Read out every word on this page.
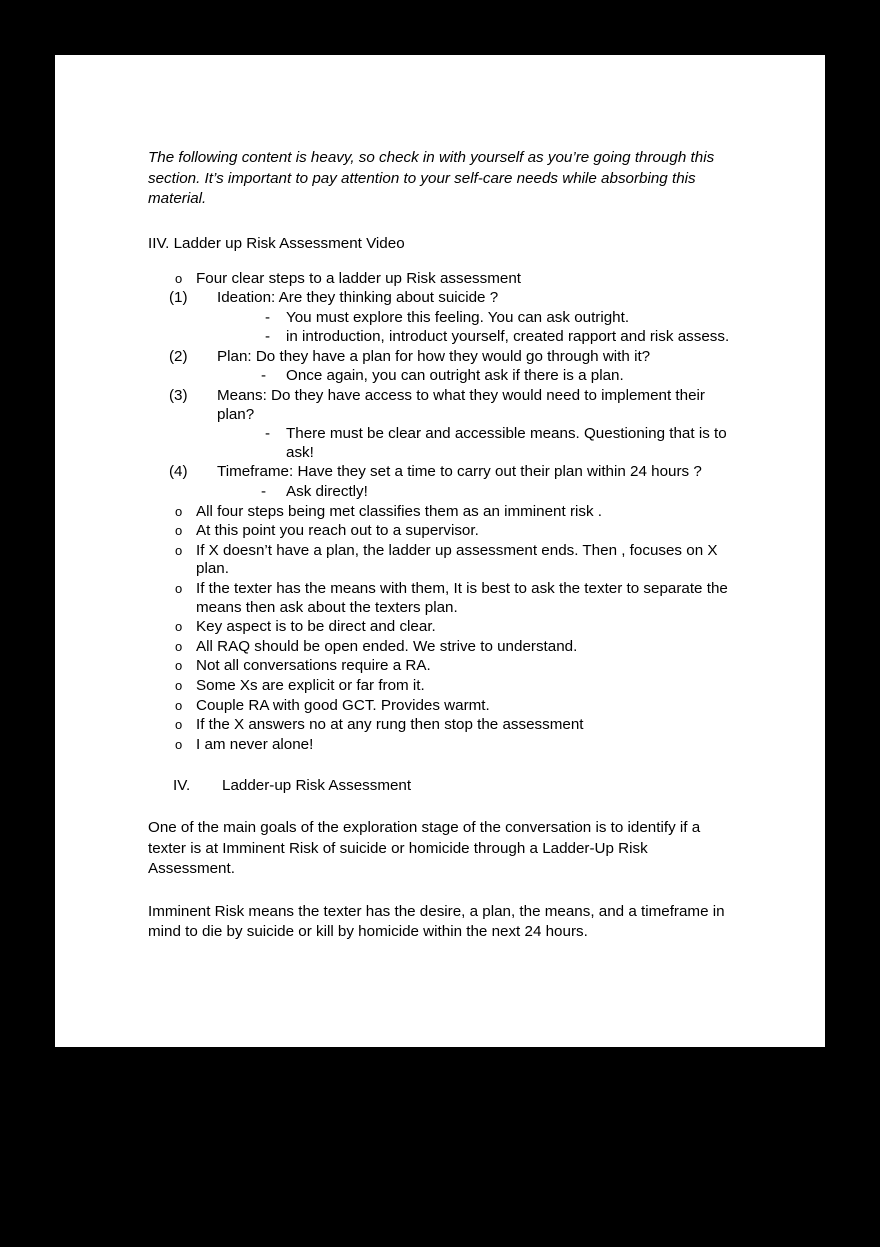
The following content is heavy, so check in with yourself as you’re going through this section. It’s important to pay attention to your self-care needs while absorbing this material.

IIV. Ladder up Risk Assessment Video

o Four clear steps to a ladder up Risk assessment
(1)	Ideation: Are they thinking about suicide ?
- You must explore this feeling. You can ask outright.
- in introduction, introduct yourself, created rapport and risk assess.
(2)	Plan: Do they have a plan for how they would go through with it?
- Once again, you can outright ask if there is a plan.
(3)	Means: Do they have access to what they would need to implement their plan?
- There must be clear and accessible means. Questioning that is to ask!
(4)	Timeframe: Have they set a time to carry out their plan within 24 hours ?
- Ask directly!
o All four steps being met classifies them as an imminent risk .
o At this point you reach out to a supervisor.
o If X doesn’t have a plan, the ladder up assessment ends. Then , focuses on X plan.
o If the texter has the means with them, It is best to ask the texter to separate the means then ask about the texters plan.
o Key aspect is to be direct and clear.
o All RAQ should be open ended. We strive to understand.
o Not all conversations require a RA.
o Some Xs are explicit or far from it.
o Couple RA with good GCT. Provides warmt.
o If the X answers no at any rung then stop the assessment
o I am never alone!
IV. Ladder-up Risk Assessment

One of the main goals of the exploration stage of the conversation is to identify if a texter is at Imminent Risk of suicide or homicide through a Ladder-Up Risk Assessment.

Imminent Risk means the texter has the desire, a plan, the means, and a timeframe in mind to die by suicide or kill by homicide within the next 24 hours.
